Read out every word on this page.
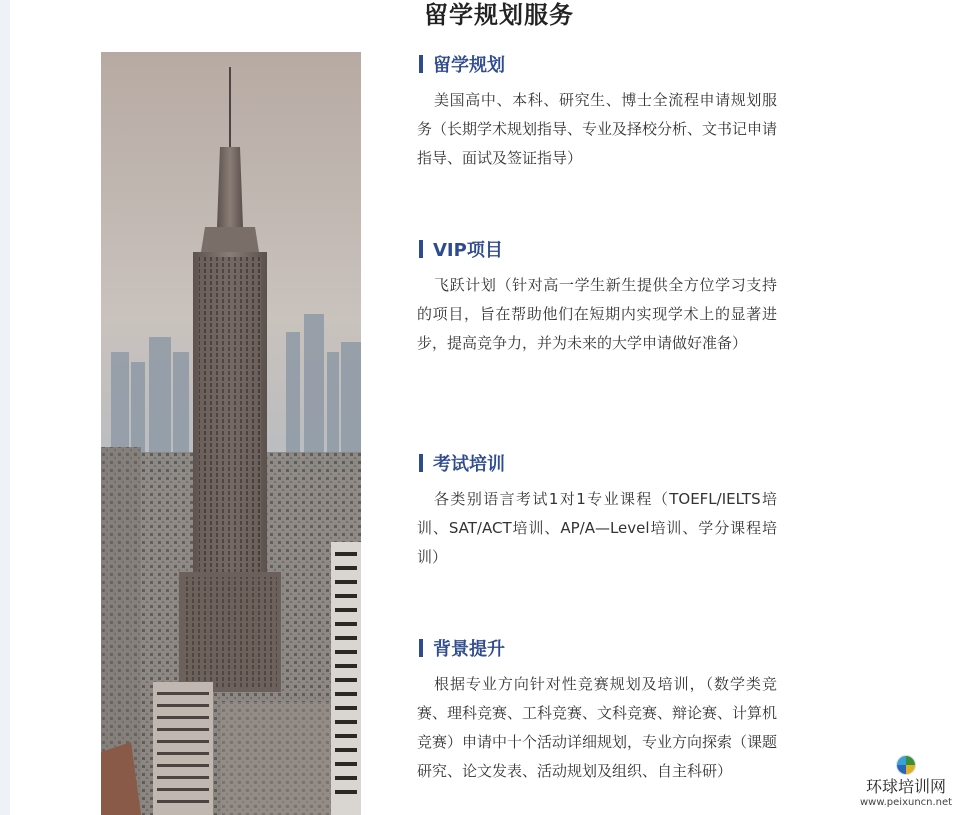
留学规划服务
留学规划
美国高中、本科、研究生、博士全流程申请规划服务（长期学术规划指导、专业及择校分析、文书记申请指导、面试及签证指导）
VIP项目
飞跃计划（针对高一学生新生提供全方位学习支持的项目，旨在帮助他们在短期内实现学术上的显著进步，提高竞争力，并为未来的大学申请做好准备）
考试培训
各类别语言考试1对1专业课程（TOEFL/IELTS培训、SAT/ACT培训、AP/A—Level培训、学分课程培训）
背景提升
根据专业方向针对性竞赛规划及培训，（数学类竞赛、理科竞赛、工科竞赛、文科竞赛、辩论赛、计算机竞赛）申请中十个活动详细规划，专业方向探索（课题研究、论文发表、活动规划及组织、自主科研）
环球培训网
www.peixuncn.net
